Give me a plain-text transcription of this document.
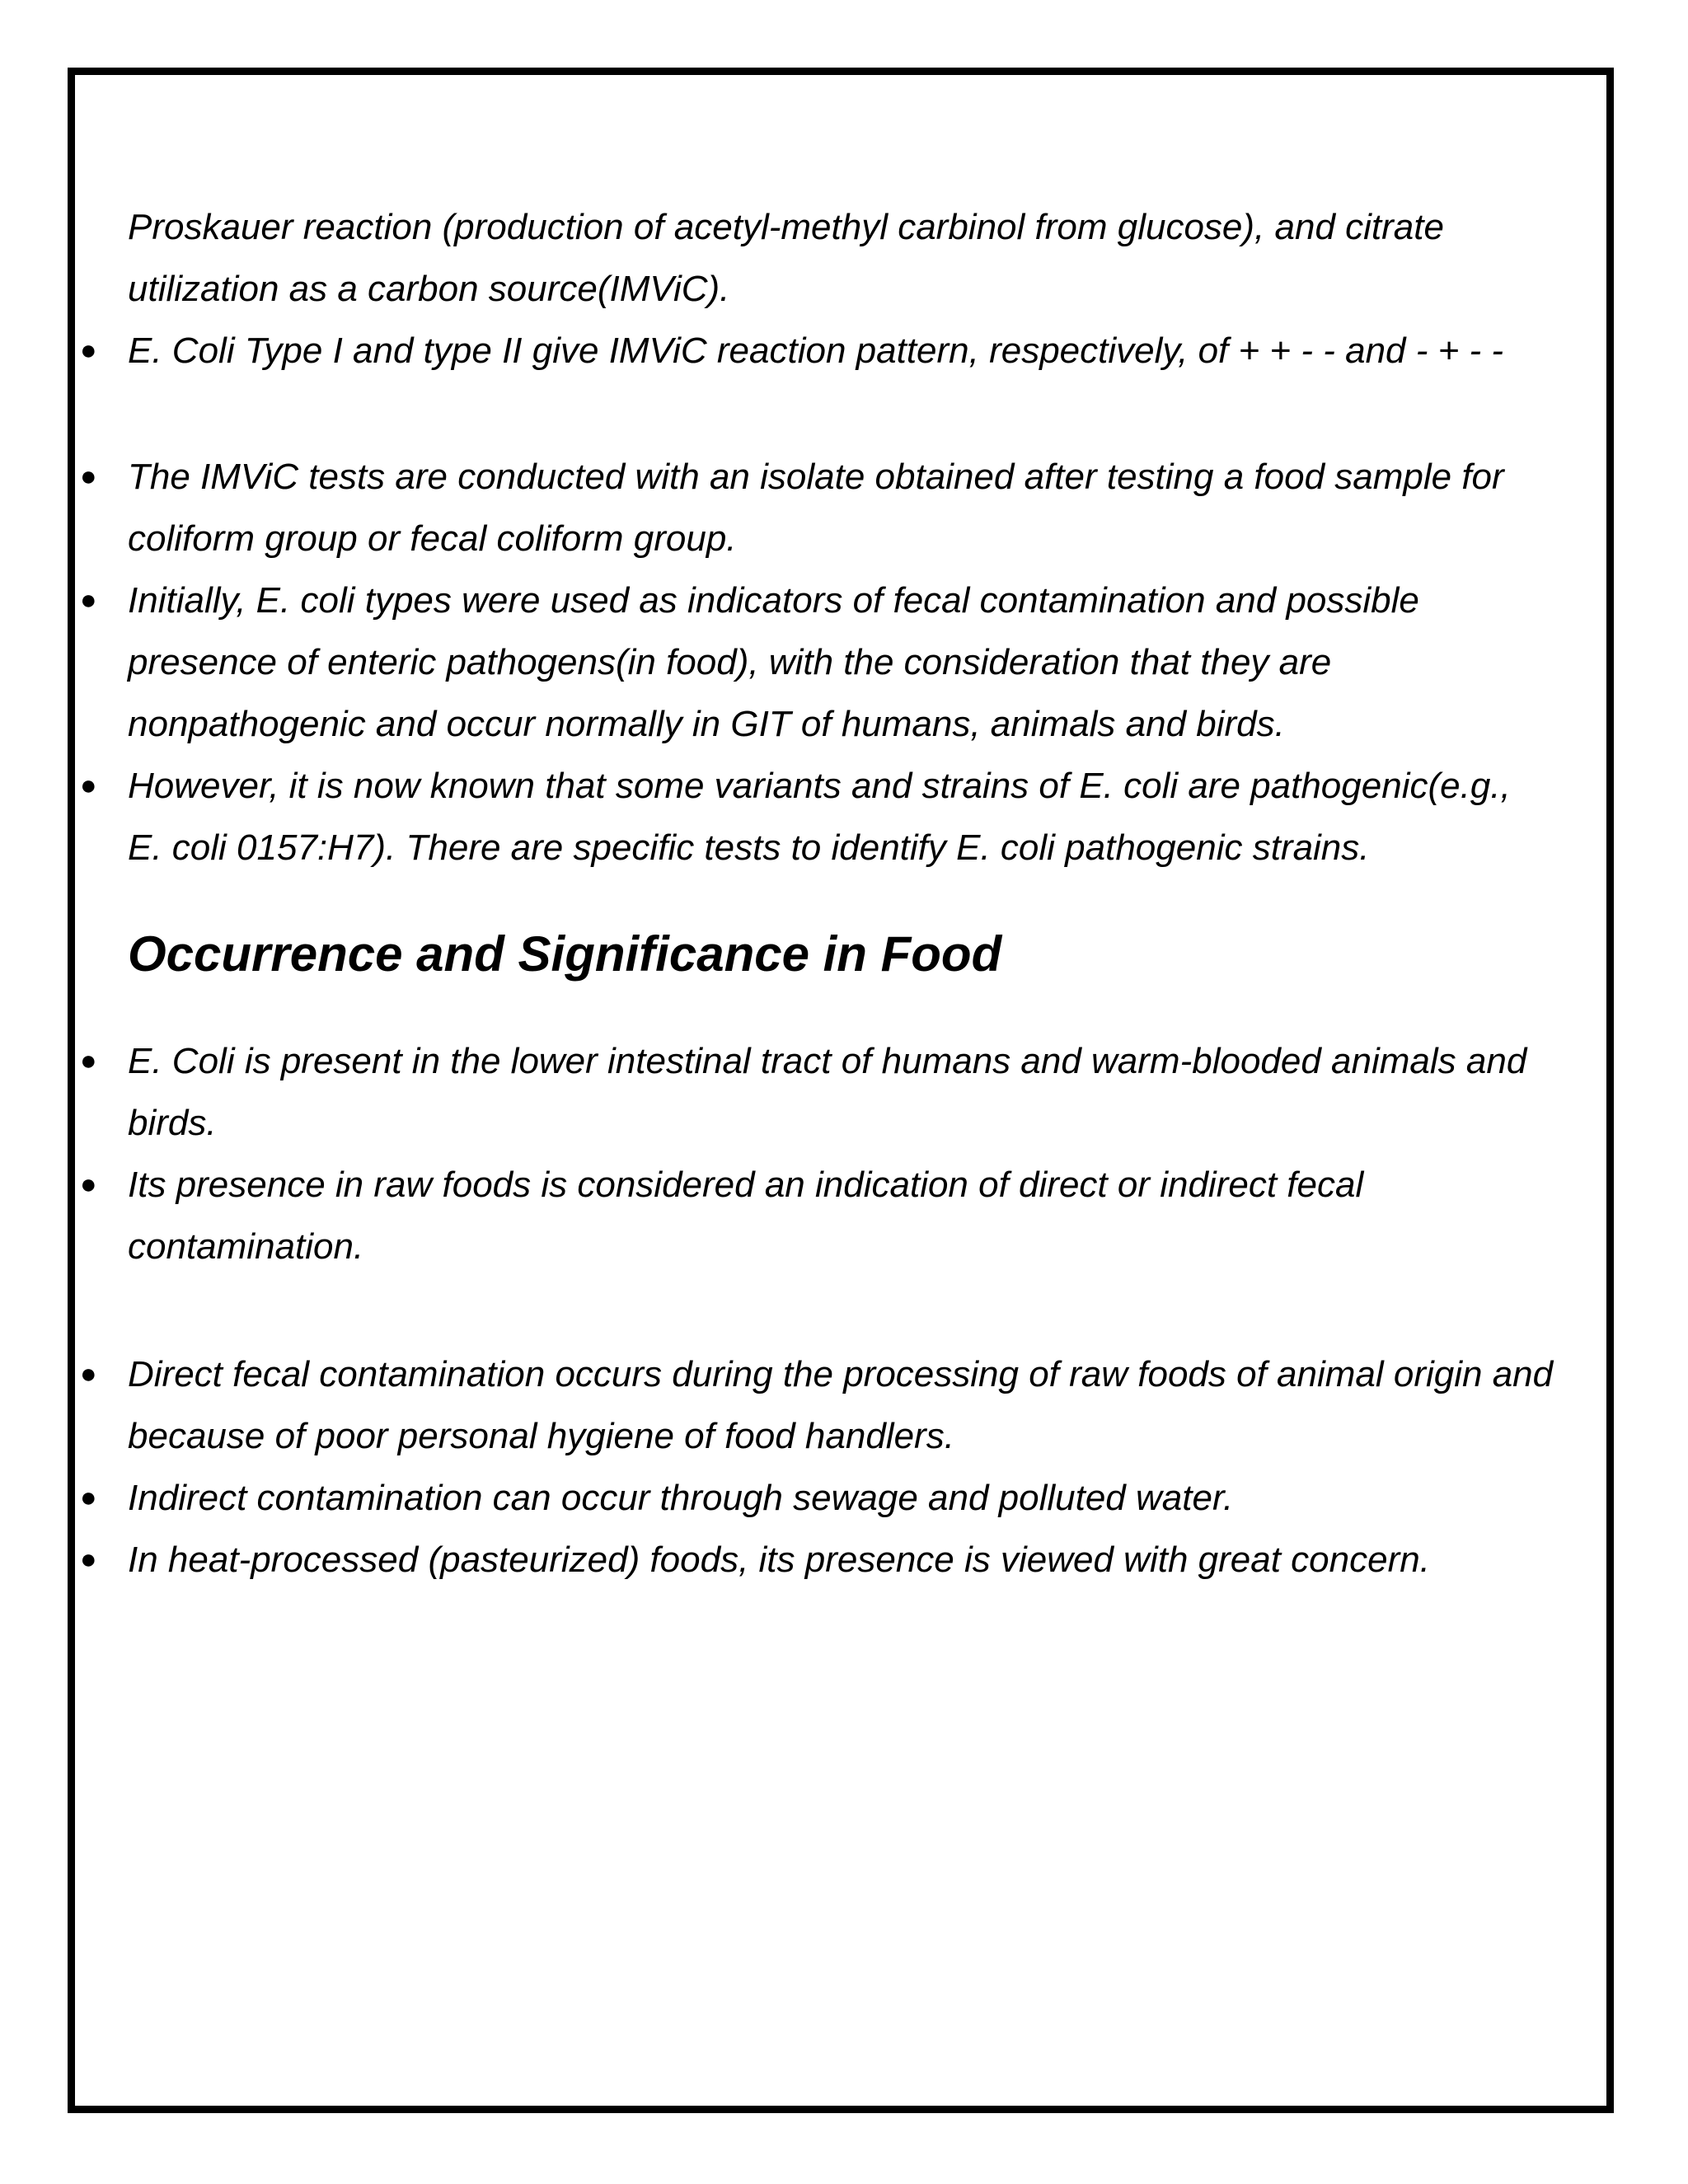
Proskauer reaction (production of acetyl-methyl carbinol from glucose), and citrate utilization as a carbon source(IMViC).

● E. Coli Type I and type II give IMViC reaction pattern, respectively, of + + - - and - + - -
● The IMViC tests are conducted with an isolate obtained after testing a food sample for coliform group or fecal coliform group.
● Initially, E. coli types were used as indicators of fecal contamination and possible presence of enteric pathogens(in food), with the consideration that they are nonpathogenic and occur normally in GIT of humans, animals and birds.
● However, it is now known that some variants and strains of E. coli are pathogenic(e.g., E. coli 0157:H7). There are specific tests to identify E. coli pathogenic strains.
Occurrence and Significance in Food
● E. Coli is present in the lower intestinal tract of humans and warm-blooded animals and birds.
● Its presence in raw foods is considered an indication of direct or indirect fecal contamination.
● Direct fecal contamination occurs during the processing of raw foods of animal origin and because of poor personal hygiene of food handlers.
● Indirect contamination can occur through sewage and polluted water.
● In heat-processed (pasteurized) foods, its presence is viewed with great concern.
